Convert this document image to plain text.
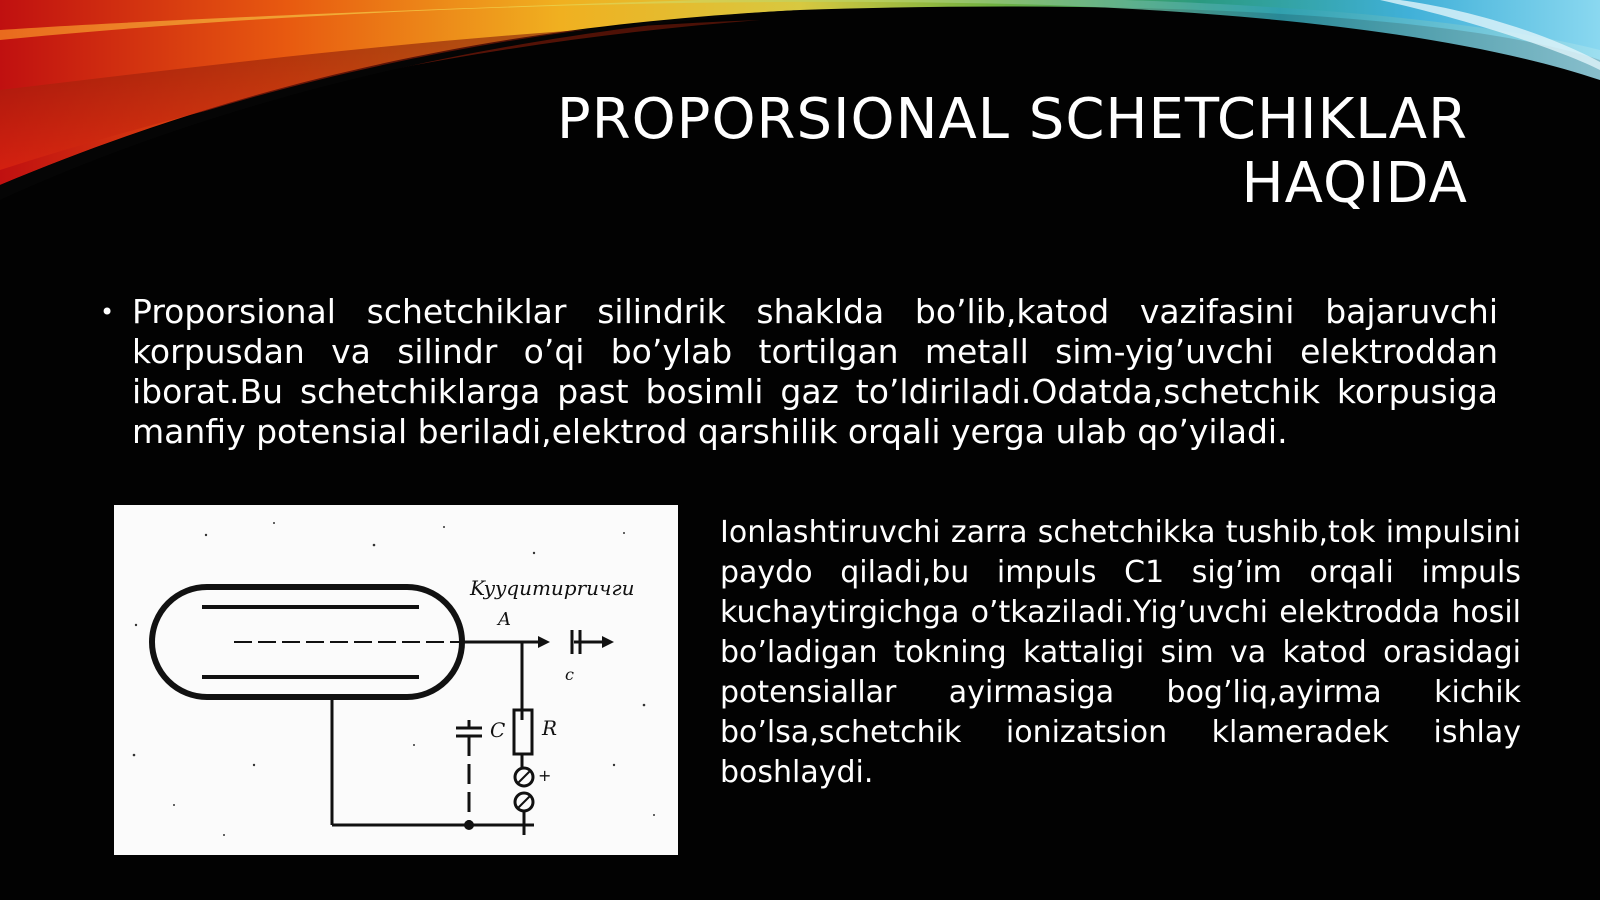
PROPORSIONAL SCHETCHIKLAR HAQIDA
• Proporsional schetchiklar silindrik shaklda bo’lib,katod vazifasini bajaruvchi korpusdan va silindr o’qi bo’ylab tortilgan metall sim-yig’uvchi elektroddan iborat.Bu schetchiklarga past bosimli gaz to’ldiriladi.Odatda,schetchik korpusiga manfiy potensial beriladi,elektrod qarshilik orqali yerga ulab qo’yiladi.

Kyyqumuprичги
A
c
C R
+

Ionlashtiruvchi zarra schetchikka tushib,tok impulsini paydo qiladi,bu impuls C1 sig’im orqali impuls kuchaytirgichga o’tkaziladi.Yig’uvchi elektrodda hosil bo’ladigan tokning kattaligi sim va katod orasidagi potensiallar ayirmasiga bog’liq,ayirma kichik bo’lsa,schetchik ionizatsion klameradek ishlay boshlaydi.
